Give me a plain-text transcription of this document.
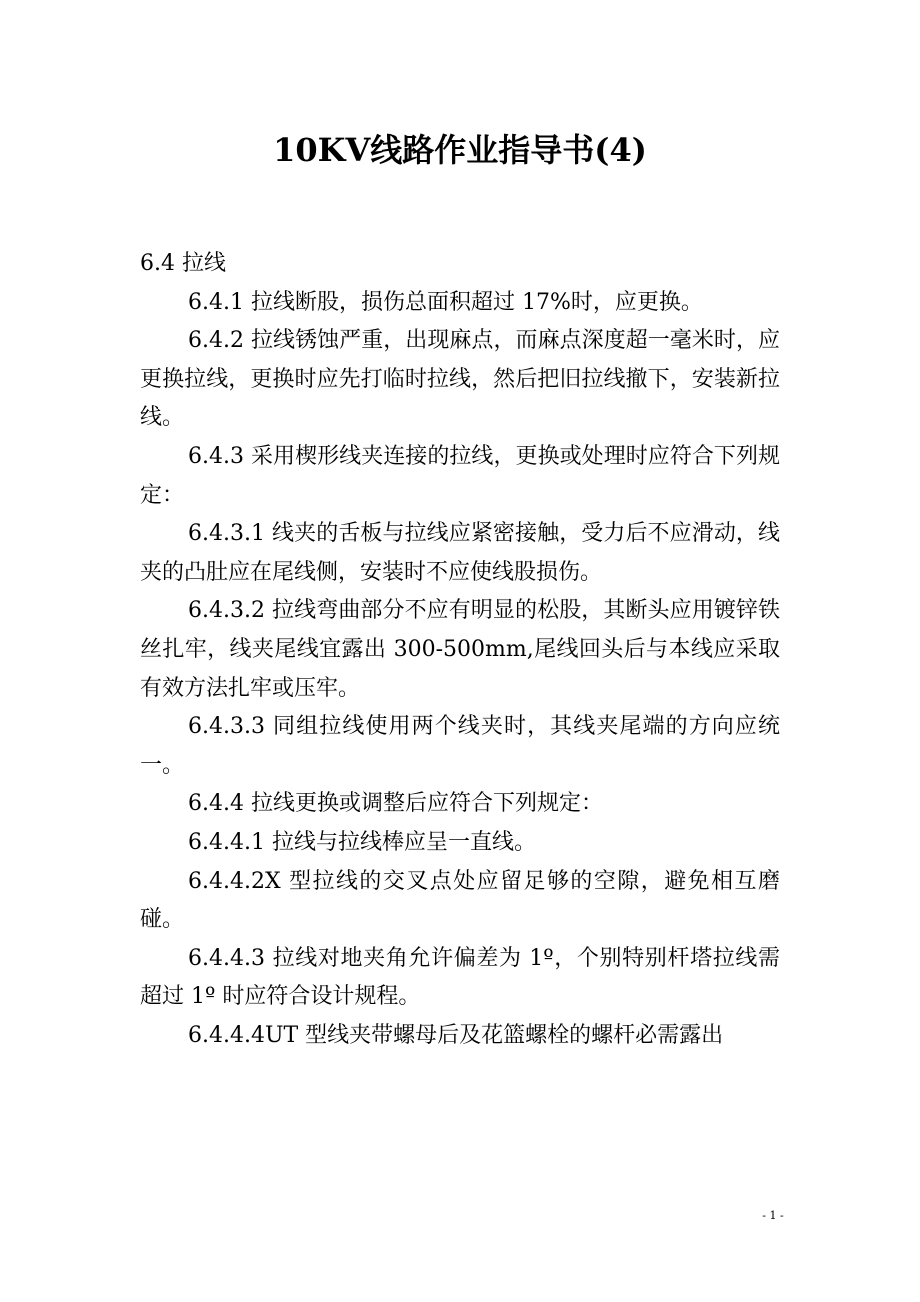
10KV线路作业指导书(4)

6.4 拉线

6.4.1 拉线断股，损伤总面积超过 17%时，应更换。

6.4.2 拉线锈蚀严重，出现麻点，而麻点深度超一毫米时，应更换拉线，更换时应先打临时拉线，然后把旧拉线撤下，安装新拉线。

6.4.3 采用楔形线夹连接的拉线，更换或处理时应符合下列规定：

6.4.3.1 线夹的舌板与拉线应紧密接触，受力后不应滑动，线夹的凸肚应在尾线侧，安装时不应使线股损伤。

6.4.3.2 拉线弯曲部分不应有明显的松股，其断头应用镀锌铁丝扎牢，线夹尾线宜露出 300-500mm,尾线回头后与本线应采取有效方法扎牢或压牢。

6.4.3.3 同组拉线使用两个线夹时，其线夹尾端的方向应统一。

6.4.4 拉线更换或调整后应符合下列规定：

6.4.4.1 拉线与拉线棒应呈一直线。

6.4.4.2X 型拉线的交叉点处应留足够的空隙，避免相互磨碰。

6.4.4.3 拉线对地夹角允许偏差为 1º，个别特别杆塔拉线需超过 1º 时应符合设计规程。

6.4.4.4UT 型线夹带螺母后及花篮螺栓的螺杆必需露出

- 1 -
